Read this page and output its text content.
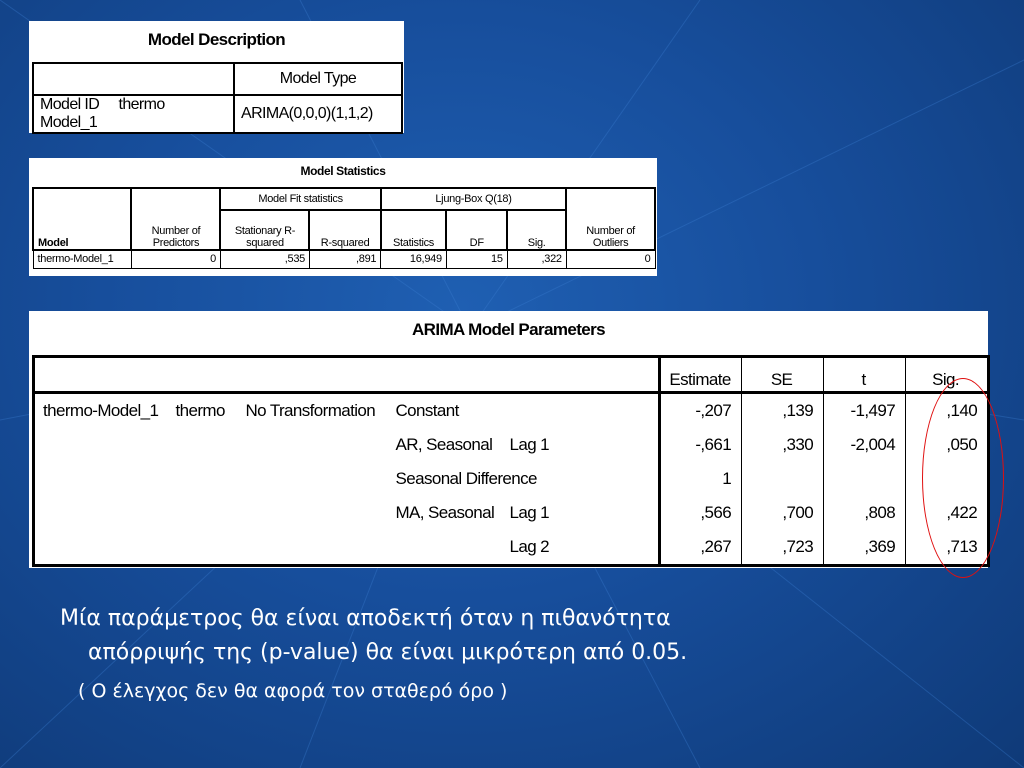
Model Description
	Model Type
Model ID thermo     Model_1	ARIMA(0,0,0)(1,1,2)
Model Statistics
Model	Number of Predictors	Model Fit statistics		Ljung-Box Q(18)			Number of Outliers
		Stationary R-squared	R-squared	Statistics	DF	Sig.	
thermo-Model_1	0	,535	,891	16,949	15	,322	0
ARIMA Model Parameters
					Estimate	SE	t	Sig.
thermo-Model_1	thermo	No Transformation	Constant		-,207	,139	-1,497	,140
			AR, Seasonal	Lag 1	-,661	,330	-2,004	,050
			Seasonal Difference		1			
			MA, Seasonal	Lag 1	,566	,700	,808	,422
				Lag 2	,267	,723	,369	,713
Μία παράμετρος θα είναι αποδεκτή όταν η πιθανότητα
απόρριψής της (p-value) θα είναι μικρότερη από 0.05.
( Ο έλεγχος δεν θα αφορά τον σταθερό όρο )
